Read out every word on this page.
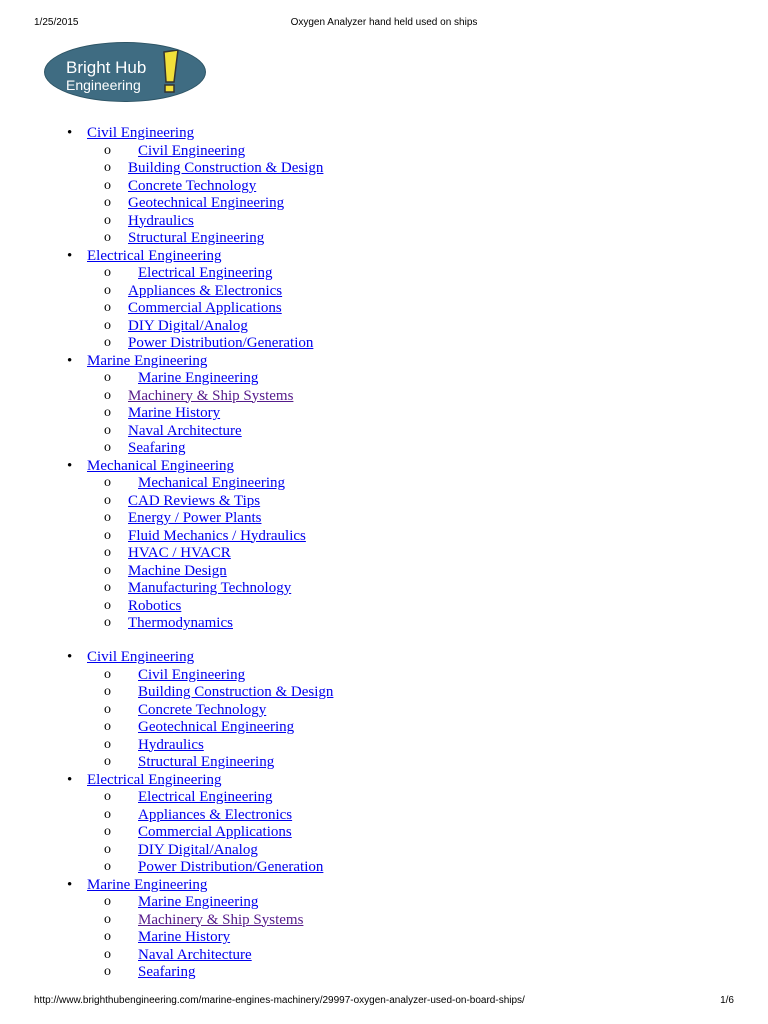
1/25/2015	Oxygen Analyzer hand held used on ships
Bright Hub
Engineering
• Civil Engineering
o Civil Engineering
o Building Construction & Design
o Concrete Technology
o Geotechnical Engineering
o Hydraulics
o Structural Engineering
• Electrical Engineering
o Electrical Engineering
o Appliances & Electronics
o Commercial Applications
o DIY Digital/Analog
o Power Distribution/Generation
• Marine Engineering
o Marine Engineering
o Machinery & Ship Systems
o Marine History
o Naval Architecture
o Seafaring
• Mechanical Engineering
o Mechanical Engineering
o CAD Reviews & Tips
o Energy / Power Plants
o Fluid Mechanics / Hydraulics
o HVAC / HVACR
o Machine Design
o Manufacturing Technology
o Robotics
o Thermodynamics
• Civil Engineering
o Civil Engineering
o Building Construction & Design
o Concrete Technology
o Geotechnical Engineering
o Hydraulics
o Structural Engineering
• Electrical Engineering
o Electrical Engineering
o Appliances & Electronics
o Commercial Applications
o DIY Digital/Analog
o Power Distribution/Generation
• Marine Engineering
o Marine Engineering
o Machinery & Ship Systems
o Marine History
o Naval Architecture
o Seafaring
http://www.brighthubengineering.com/marine-engines-machinery/29997-oxygen-analyzer-used-on-board-ships/	1/6
